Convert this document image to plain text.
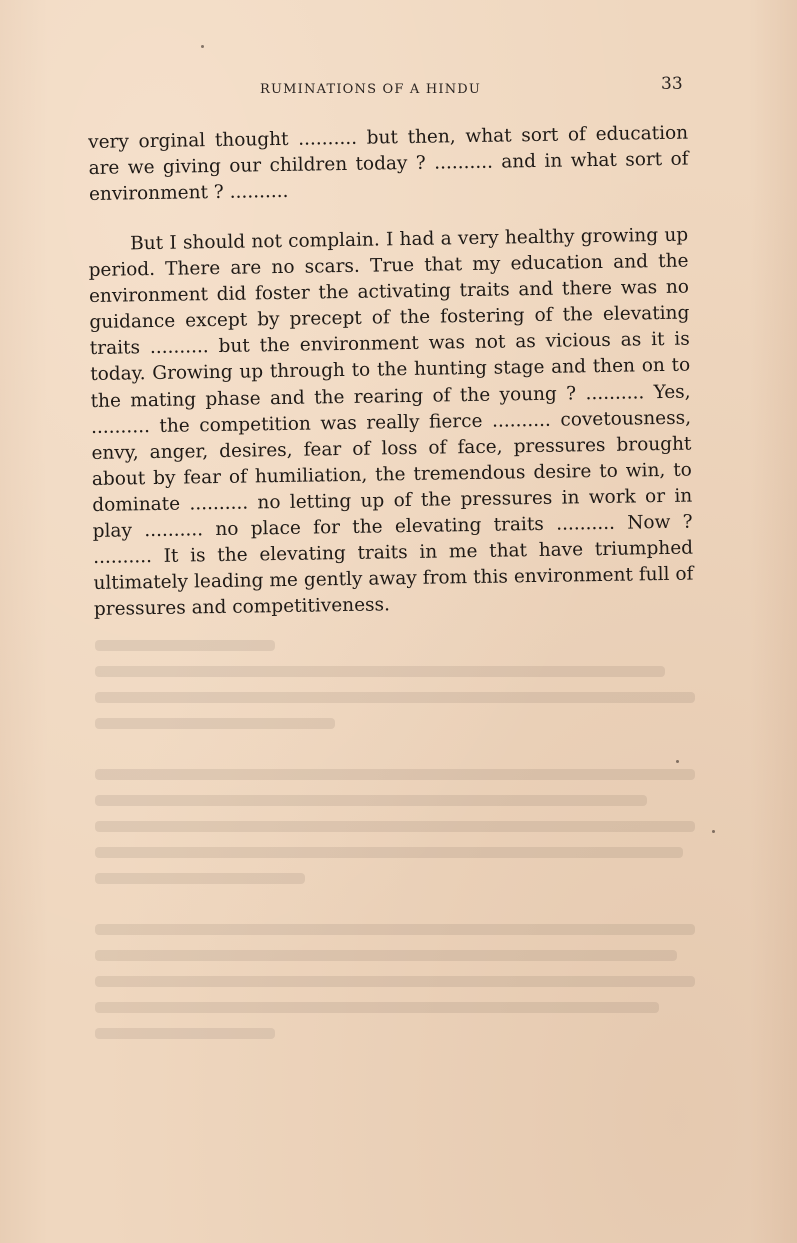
RUMINATIONS OF A HINDU	33

very orginal thought .......... but then, what sort of education are we giving our children today ? .......... and in what sort of environment ? ..........

But I should not complain. I had a very healthy growing up period. There are no scars. True that my education and the environment did foster the activating traits and there was no guidance except by precept of the fostering of the elevating traits .......... but the environment was not as vicious as it is today. Growing up through to the hunting stage and then on to the mating phase and the rearing of the young ? .......... Yes, .......... the competition was really fierce .......... covetousness, envy, anger, desires, fear of loss of face, pressures brought about by fear of humiliation, the tremendous desire to win, to dominate .......... no letting up of the pressures in work or in play .......... no place for the elevating traits .......... Now ? .......... It is the elevating traits in me that have triumphed ultimately leading me gently away from this environment full of pressures and competitiveness.
